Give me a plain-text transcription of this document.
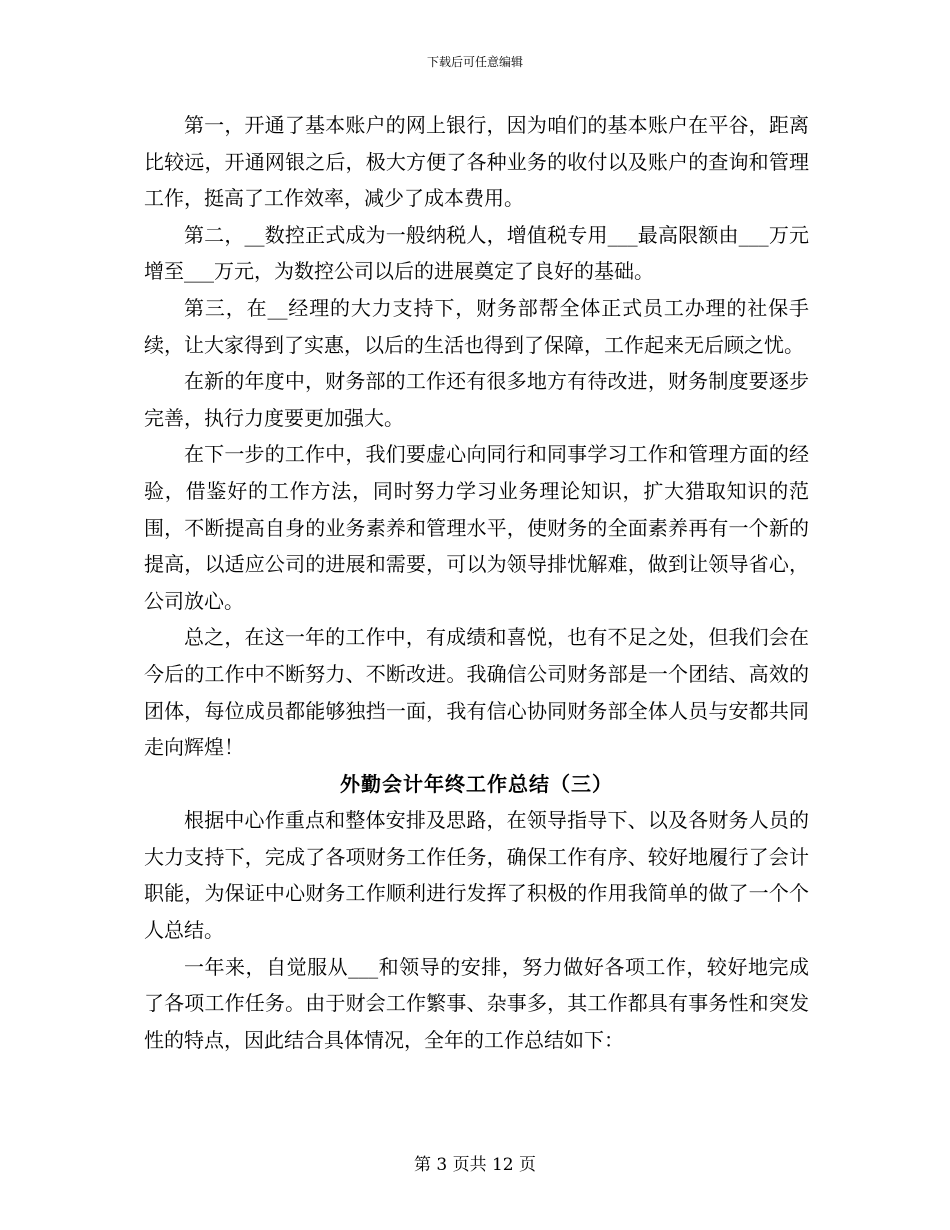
下载后可任意编辑

第一，开通了基本账户的网上银行，因为咱们的基本账户在平谷，距离比较远，开通网银之后，极大方便了各种业务的收付以及账户的查询和管理工作，挺高了工作效率，减少了成本费用。

第二，__数控正式成为一般纳税人，增值税专用___最高限额由___万元增至___万元，为数控公司以后的进展奠定了良好的基础。

第三，在__经理的大力支持下，财务部帮全体正式员工办理的社保手续，让大家得到了实惠，以后的生活也得到了保障，工作起来无后顾之忧。

在新的年度中，财务部的工作还有很多地方有待改进，财务制度要逐步完善，执行力度要更加强大。

在下一步的工作中，我们要虚心向同行和同事学习工作和管理方面的经验，借鉴好的工作方法，同时努力学习业务理论知识，扩大猎取知识的范围，不断提高自身的业务素养和管理水平，使财务的全面素养再有一个新的提高，以适应公司的进展和需要，可以为领导排忧解难，做到让领导省心，公司放心。

总之，在这一年的工作中，有成绩和喜悦，也有不足之处，但我们会在今后的工作中不断努力、不断改进。我确信公司财务部是一个团结、高效的团体，每位成员都能够独挡一面，我有信心协同财务部全体人员与安都共同走向辉煌！

外勤会计年终工作总结（三）

根据中心作重点和整体安排及思路，在领导指导下、以及各财务人员的大力支持下，完成了各项财务工作任务，确保工作有序、较好地履行了会计职能，为保证中心财务工作顺利进行发挥了积极的作用我简单的做了一个个人总结。

一年来，自觉服从___和领导的安排，努力做好各项工作，较好地完成了各项工作任务。由于财会工作繁事、杂事多，其工作都具有事务性和突发性的特点，因此结合具体情况，全年的工作总结如下：

第 3 页共 12 页
